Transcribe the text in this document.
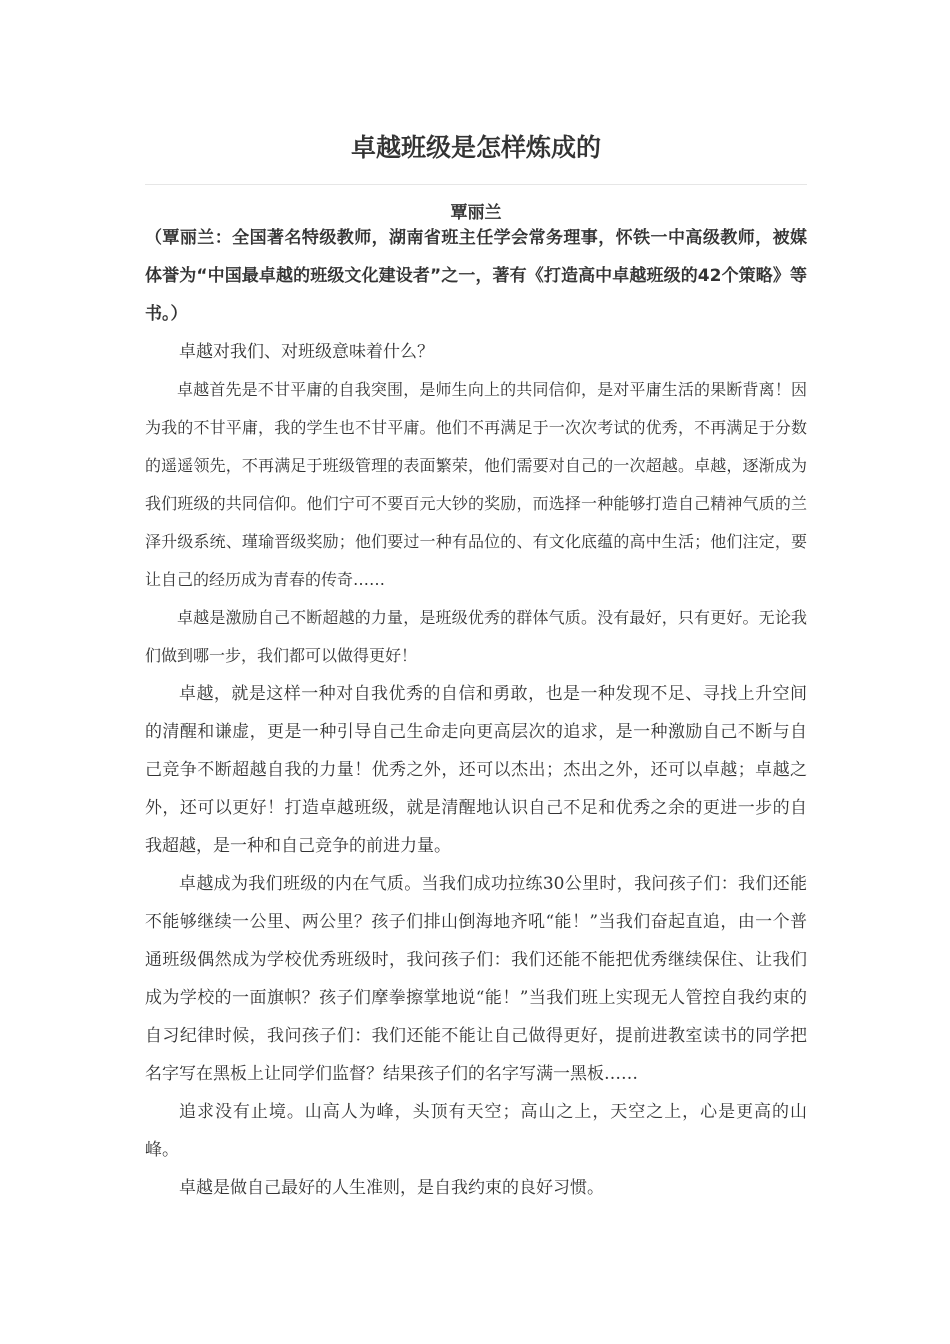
卓越班级是怎样炼成的
覃丽兰

（覃丽兰：全国著名特级教师，湖南省班主任学会常务理事，怀铁一中高级教师，被媒体誉为“中国最卓越的班级文化建设者”之一，著有《打造高中卓越班级的42个策略》等书。）

卓越对我们、对班级意味着什么？

卓越首先是不甘平庸的自我突围，是师生向上的共同信仰，是对平庸生活的果断背离！因为我的不甘平庸，我的学生也不甘平庸。他们不再满足于一次次考试的优秀，不再满足于分数的遥遥领先，不再满足于班级管理的表面繁荣，他们需要对自己的一次超越。卓越，逐渐成为我们班级的共同信仰。他们宁可不要百元大钞的奖励，而选择一种能够打造自己精神气质的兰泽升级系统、瑾瑜晋级奖励；他们要过一种有品位的、有文化底蕴的高中生活；他们注定，要让自己的经历成为青春的传奇……

卓越是激励自己不断超越的力量，是班级优秀的群体气质。没有最好，只有更好。无论我们做到哪一步，我们都可以做得更好！

卓越，就是这样一种对自我优秀的自信和勇敢，也是一种发现不足、寻找上升空间的清醒和谦虚，更是一种引导自己生命走向更高层次的追求，是一种激励自己不断与自己竞争不断超越自我的力量！优秀之外，还可以杰出；杰出之外，还可以卓越；卓越之外，还可以更好！打造卓越班级，就是清醒地认识自己不足和优秀之余的更进一步的自我超越，是一种和自己竞争的前进力量。

卓越成为我们班级的内在气质。当我们成功拉练30公里时，我问孩子们：我们还能不能够继续一公里、两公里？孩子们排山倒海地齐吼“能！”当我们奋起直追，由一个普通班级偶然成为学校优秀班级时，我问孩子们：我们还能不能把优秀继续保住、让我们成为学校的一面旗帜？孩子们摩拳擦掌地说“能！”当我们班上实现无人管控自我约束的自习纪律时候，我问孩子们：我们还能不能让自己做得更好，提前进教室读书的同学把名字写在黑板上让同学们监督？结果孩子们的名字写满一黑板……

追求没有止境。山高人为峰，头顶有天空；高山之上，天空之上，心是更高的山峰。

卓越是做自己最好的人生准则，是自我约束的良好习惯。
